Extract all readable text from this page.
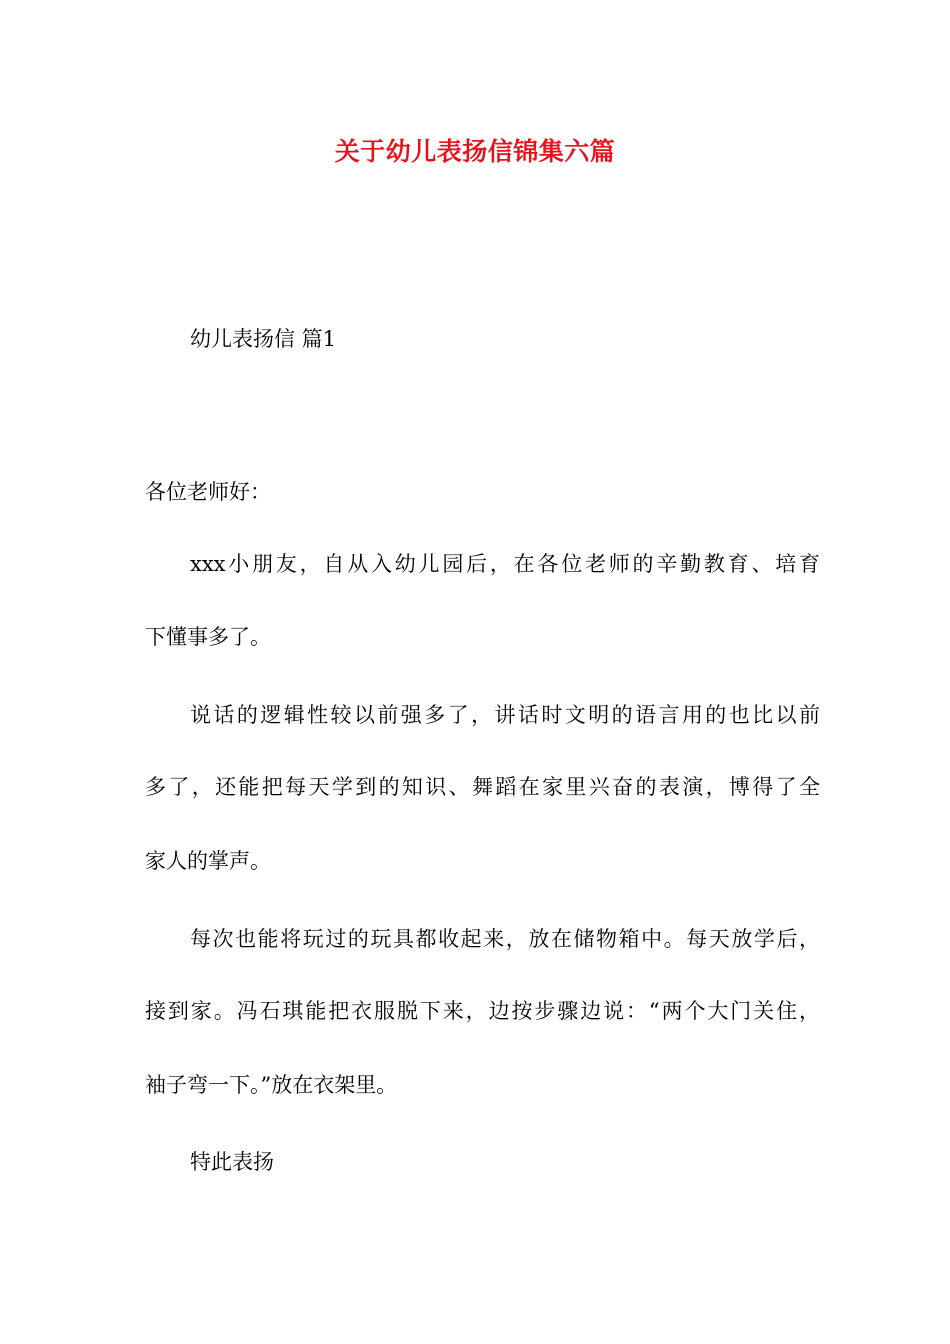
关于幼儿表扬信锦集六篇
幼儿表扬信 篇1
各位老师好：
xxx小朋友，自从入幼儿园后，在各位老师的辛勤教育、培育
下懂事多了。
说话的逻辑性较以前强多了，讲话时文明的语言用的也比以前
多了，还能把每天学到的知识、舞蹈在家里兴奋的表演，博得了全
家人的掌声。
每次也能将玩过的玩具都收起来，放在储物箱中。每天放学后，
接到家。冯石琪能把衣服脱下来，边按步骤边说：“两个大门关住，
袖子弯一下。”放在衣架里。
特此表扬
